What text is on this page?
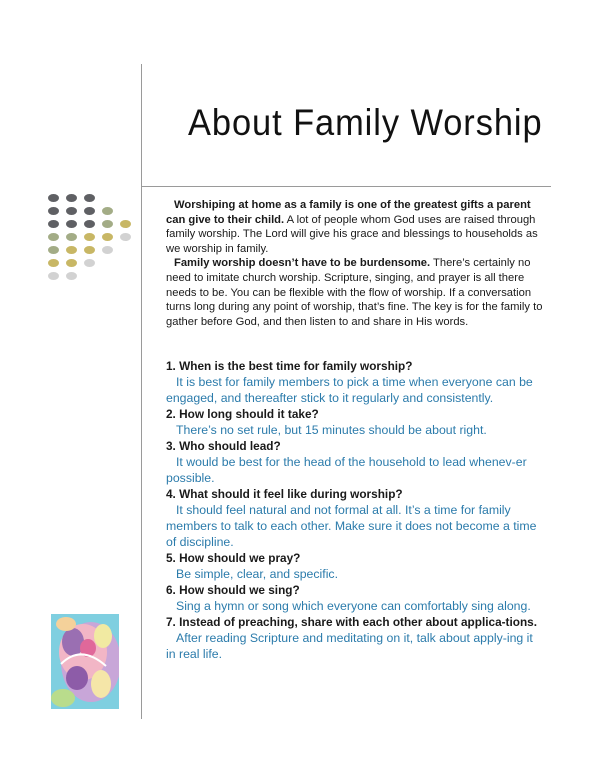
About Family Worship

Worshiping at home as a family is one of the greatest gifts a parent can give to their child. A lot of people whom God uses are raised through family worship. The Lord will give his grace and blessings to households as we worship in family.

Family worship doesn’t have to be burdensome. There’s certainly no need to imitate church worship. Scripture, singing, and prayer is all there needs to be. You can be flexible with the flow of worship. If a conversation turns long during any point of worship, that’s fine. The key is for the family to gather before God, and then listen to and share in His words.

1. When is the best time for family worship?

It is best for family members to pick a time when everyone can be engaged, and thereafter stick to it regularly and consistently.

2. How long should it take?

There’s no set rule, but 15 minutes should be about right.

3. Who should lead?

It would be best for the head of the household to lead whenev-er possible.

4. What should it feel like during worship?

It should feel natural and not formal at all. It’s a time for family members to talk to each other. Make sure it does not become a time of discipline.

5. How should we pray?

Be simple, clear, and specific.

6. How should we sing?

Sing a hymn or song which everyone can comfortably sing along.

7. Instead of preaching, share with each other about applica-tions.

After reading Scripture and meditating on it, talk about apply-ing it in real life.
